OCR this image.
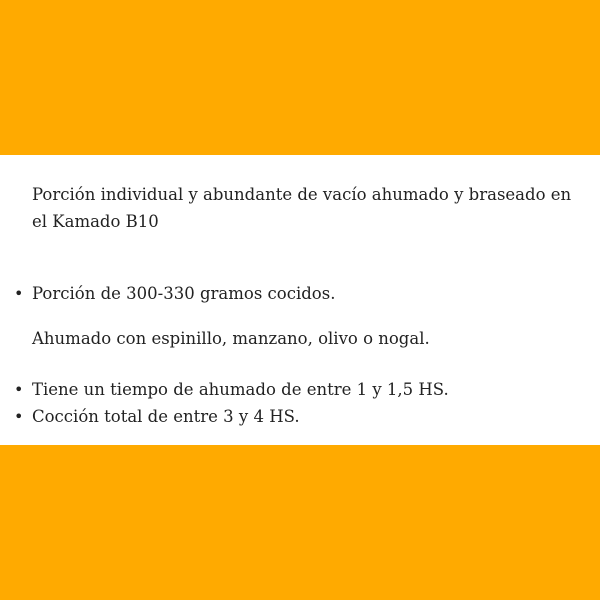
Porción individual y abundante de vacío ahumado y braseado en el Kamado B10

• Porción de 300-330 gramos cocidos.

Ahumado con espinillo, manzano, olivo o nogal.

• Tiene un tiempo de ahumado de entre 1 y 1,5 HS.
• Cocción total de entre 3 y 4 HS.
